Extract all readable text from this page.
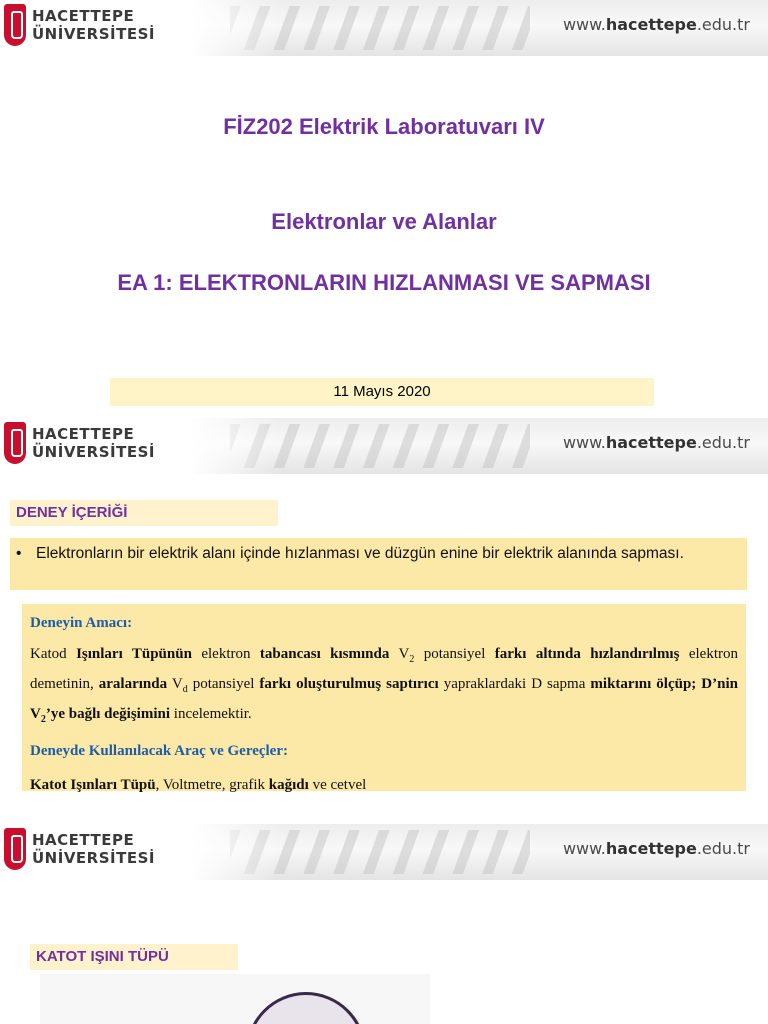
HACETTEPE
ÜNİVERSİTESİ	www.hacettepe.edu.tr
FİZ202 Elektrik Laboratuvarı IV
Elektronlar ve Alanlar
EA 1: ELEKTRONLARIN HIZLANMASI VE SAPMASI
11 Mayıs 2020
HACETTEPE
ÜNİVERSİTESİ	www.hacettepe.edu.tr
DENEY İÇERİĞİ
• Elektronların bir elektrik alanı içinde hızlanması ve düzgün enine bir elektrik alanında sapması.
Deneyin Amacı:
Katod Işınları Tüpünün elektron tabancası kısmında $V_2$ potansiyel farkı altında hızlandırılmış elektron demetinin, aralarında $V_d$ potansiyel farkı oluşturulmuş saptırıcı yapraklardaki D sapma miktarını ölçüp; D’nin $V_2’ye$ bağlı değişimini incelemektir.
Deneyde Kullanılacak Araç ve Gereçler:
Katot Işınları Tüpü, Voltmetre, grafik kağıdı ve cetvel
HACETTEPE
ÜNİVERSİTESİ	www.hacettepe.edu.tr
KATOT IŞINI TÜPÜ
